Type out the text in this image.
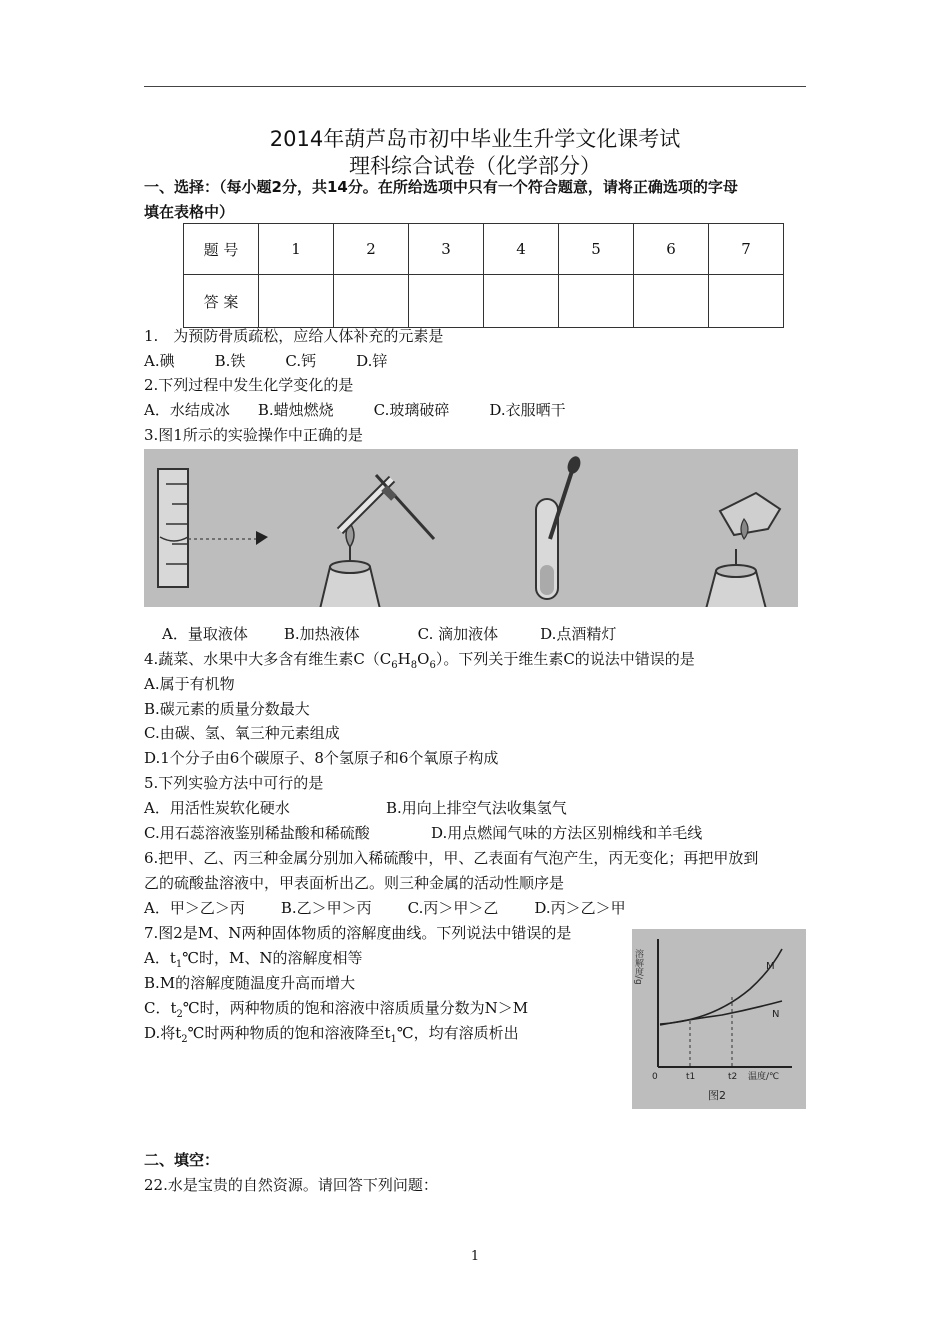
2014年葫芦岛市初中毕业生升学文化课考试
理科综合试卷（化学部分）
一、选择：（每小题2分，共14分。在所给选项中只有一个符合题意，请将正确选项的字母
填在表格中）
题 号	1	2	3	4	5	6	7
答 案							
1.　为预防骨质疏松，应给人体补充的元素是
A.碘	B.铁	C.钙	D.锌
2.下列过程中发生化学变化的是
A．水结成冰 B.蜡烛燃烧	C.玻璃破碎	D.衣服晒干
3.图1所示的实验操作中正确的是
A．量取液体 B.加热液体	C. 滴加液体	D.点酒精灯
4.蔬菜、水果中大多含有维生素$C(C_6H_8O_6)$。下列关于维生素C的说法中错误的是
A.属于有机物
B.碳元素的质量分数最大
C.由碳、氢、氧三种元素组成
D.1个分子由6个碳原子、8个氢原子和6个氧原子构成
5.下列实验方法中可行的是
A．用活性炭软化硬水	B.用向上排空气法收集氢气
C.用石蕊溶液鉴别稀盐酸和稀硫酸	D.用点燃闻气味的方法区别棉线和羊毛线
6.把甲、乙、丙三种金属分别加入稀硫酸中，甲、乙表面有气泡产生，丙无变化；再把甲放到
乙的硫酸盐溶液中，甲表面析出乙。则三种金属的活动性顺序是
A．甲＞乙＞丙 B.乙＞甲＞丙 C.丙＞甲＞乙 D.丙＞乙＞甲
7.图2是M、N两种固体物质的溶解度曲线。下列说法中错误的是
A．$t_1℃$时，M、N的溶解度相等
B.M的溶解度随温度升高而增大
C．$t_2℃$时，两种物质的饱和溶液中溶质质量分数为N＞M
D.将$t_2℃$时两种物质的饱和溶液降至$t_1℃$，均有溶质析出
溶解度/g	M
N
0	t1	t2 温度/℃
图2
二、填空：
22.水是宝贵的自然资源。请回答下列问题：
1
